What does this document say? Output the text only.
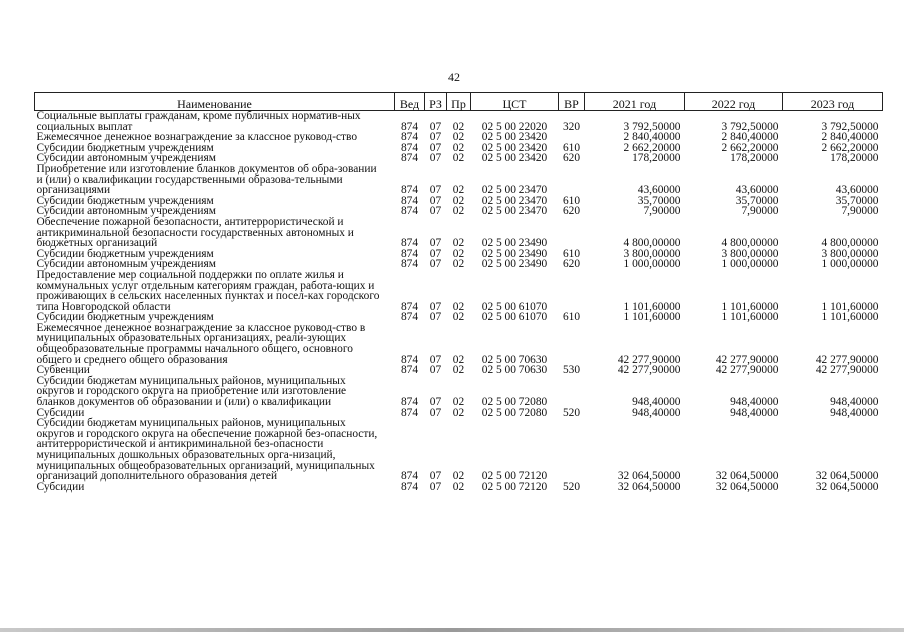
42
Наименование	Вед	РЗ	Пр	ЦСТ	ВР	2021 год	2022 год	2023 год
Социальные выплаты гражданам, кроме публичных норматив-ных социальных выплат	874	07	02	02 5 00 22020	320	3 792,50000	3 792,50000	3 792,50000
Ежемесячное денежное вознаграждение за классное руковод-ство	874	07	02	02 5 00 23420		2 840,40000	2 840,40000	2 840,40000
Субсидии бюджетным учреждениям	874	07	02	02 5 00 23420	610	2 662,20000	2 662,20000	2 662,20000
Субсидии автономным учреждениям	874	07	02	02 5 00 23420	620	178,20000	178,20000	178,20000
Приобретение или изготовление бланков документов об обра-зовании и (или) о квалификации государственными образова-тельными организациями	874	07	02	02 5 00 23470		43,60000	43,60000	43,60000
Субсидии бюджетным учреждениям	874	07	02	02 5 00 23470	610	35,70000	35,70000	35,70000
Субсидии автономным учреждениям	874	07	02	02 5 00 23470	620	7,90000	7,90000	7,90000
Обеспечение пожарной безопасности, антитеррористической и антикриминальной безопасности государственных автономных и бюджетных организаций	874	07	02	02 5 00 23490		4 800,00000	4 800,00000	4 800,00000
Субсидии бюджетным учреждениям	874	07	02	02 5 00 23490	610	3 800,00000	3 800,00000	3 800,00000
Субсидии автономным учреждениям	874	07	02	02 5 00 23490	620	1 000,00000	1 000,00000	1 000,00000
Предоставление мер социальной поддержки по оплате жилья и коммунальных услуг отдельным категориям граждан, работа-ющих и проживающих в сельских населенных пунктах и посел-ках городского типа Новгородской области	874	07	02	02 5 00 61070		1 101,60000	1 101,60000	1 101,60000
Субсидии бюджетным учреждениям	874	07	02	02 5 00 61070	610	1 101,60000	1 101,60000	1 101,60000
Ежемесячное денежное вознаграждение за классное руковод-ство в муниципальных образовательных организациях, реали-зующих общеобразовательные программы начального общего, основного общего и среднего общего образования	874	07	02	02 5 00 70630		42 277,90000	42 277,90000	42 277,90000
Субвенции	874	07	02	02 5 00 70630	530	42 277,90000	42 277,90000	42 277,90000
Субсидии бюджетам муниципальных районов, муниципальных округов и городского округа на приобретение или изготовление бланков документов об образовании и (или) о квалификации	874	07	02	02 5 00 72080		948,40000	948,40000	948,40000
Субсидии	874	07	02	02 5 00 72080	520	948,40000	948,40000	948,40000
Субсидии бюджетам муниципальных районов, муниципальных округов и городского округа на обеспечение пожарной без-опасности, антитеррористической и антикриминальной без-опасности муниципальных дошкольных образовательных орга-низаций, муниципальных общеобразовательных организаций, муниципальных организаций дополнительного образования детей	874	07	02	02 5 00 72120		32 064,50000	32 064,50000	32 064,50000
Субсидии	874	07	02	02 5 00 72120	520	32 064,50000	32 064,50000	32 064,50000
